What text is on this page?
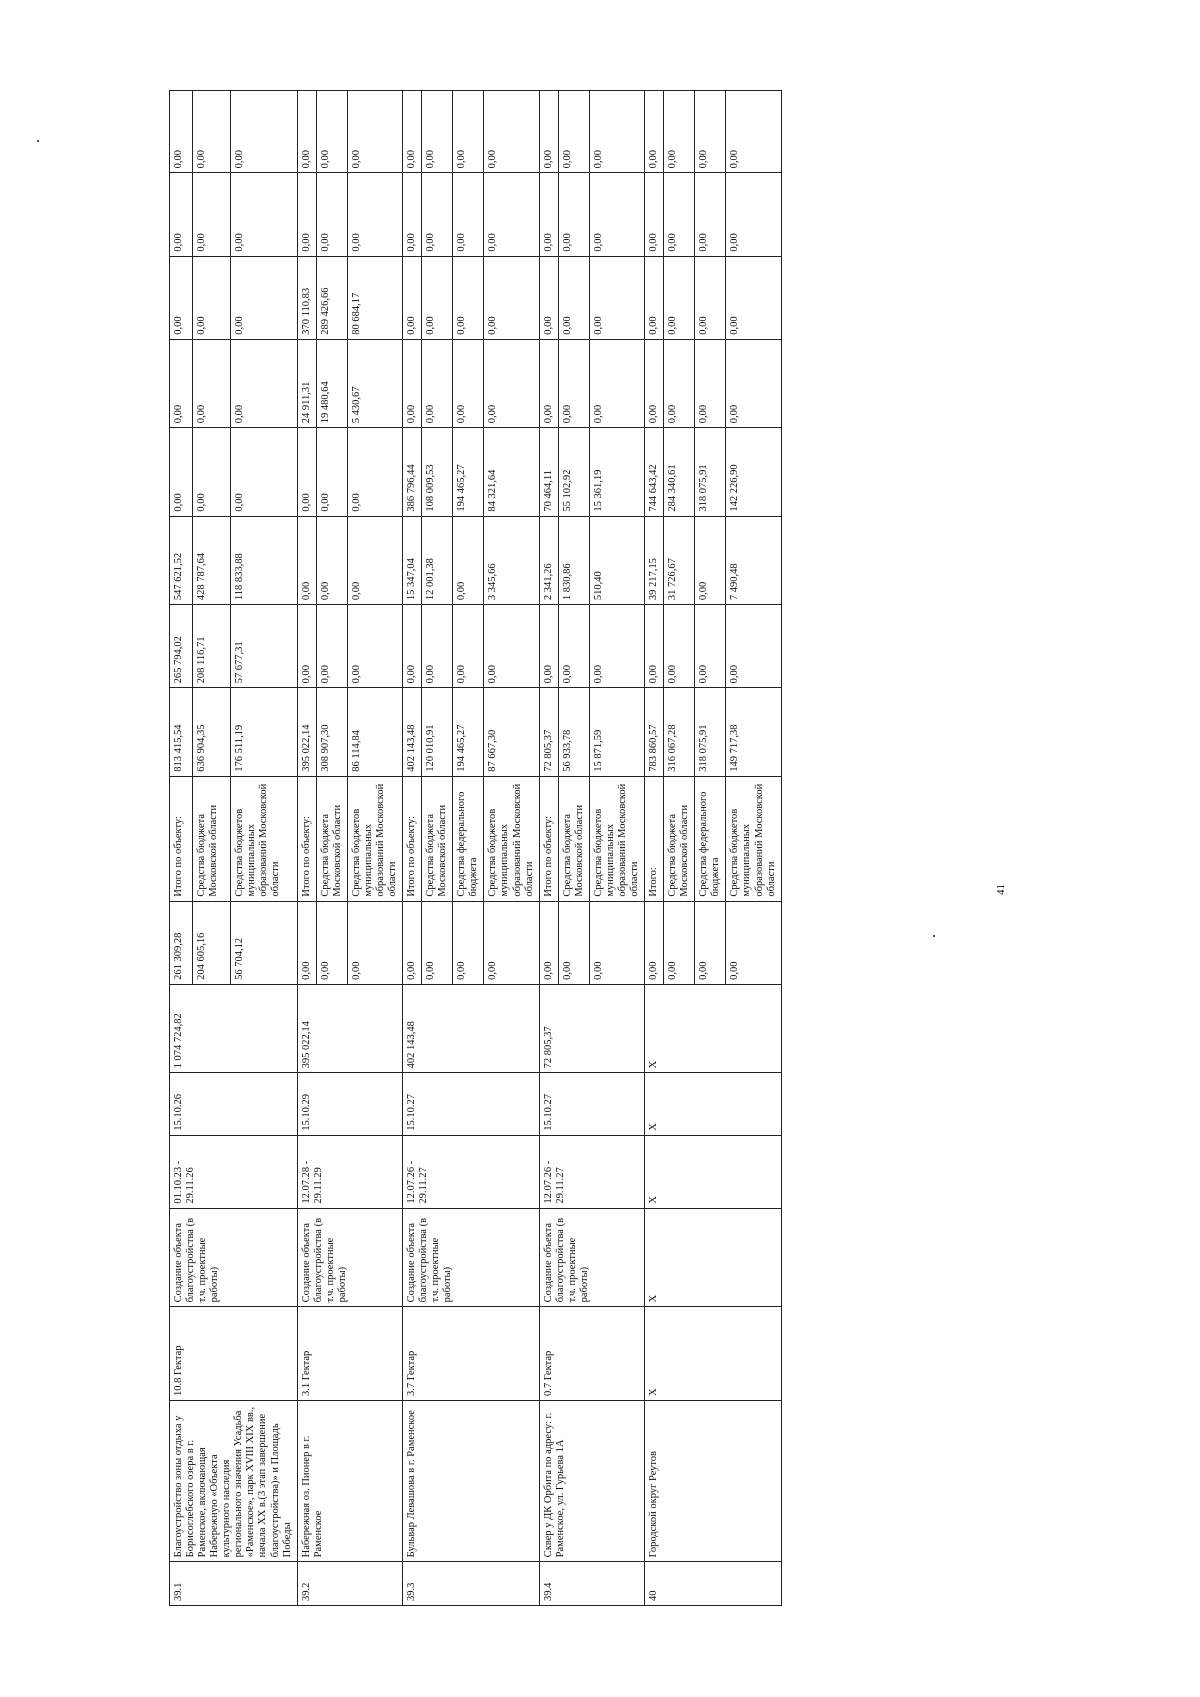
39.1	Благоустройство зоны отдыха у Борисоглебского озера в г. Раменское, включающая Набережную «Объекта культурного наследия регионального значения Усадьба «Раменское», парк XVIII XIX вв., начала XX в.(3 этап завершение благоустройства)» и Площадь Победы	10.8 Гектар	Создание объекта благоустройства (в т.ч. проектные работы)	01.10.23 - 29.11.26	15.10.26	1 074 724,82	261 309,28	Итого по объекту:	813 415,54	265 794,02	547 621,52	0,00	0,00	0,00	0,00	0,00
							204 605,16	Средства бюджета Московской области	636 904,35	208 116,71	428 787,64	0,00	0,00	0,00	0,00	0,00
							56 704,12	Средства бюджетов муниципальных образований Московской области	176 511,19	57 677,31	118 833,88	0,00	0,00	0,00	0,00	0,00
39.2	Набережная оз. Пионер в г. Раменское	3.1 Гектар	Создание объекта благоустройства (в т.ч. проектные работы)	12.07.28 - 29.11.29	15.10.29	395 022,14	0,00	Итого по объекту:	395 022,14	0,00	0,00	0,00	24 911,31	370 110,83	0,00	0,00
							0,00	Средства бюджета Московской области	308 907,30	0,00	0,00	0,00	19 480,64	289 426,66	0,00	0,00
							0,00	Средства бюджетов муниципальных образований Московской области	86 114,84	0,00	0,00	0,00	5 430,67	80 684,17	0,00	0,00
39.3	Бульвар Левашова в г. Раменское	3.7 Гектар	Создание объекта благоустройства (в т.ч. проектные работы)	12.07.26 - 29.11.27	15.10.27	402 143,48	0,00	Итого по объекту:	402 143,48	0,00	15 347,04	386 796,44	0,00	0,00	0,00	0,00
							0,00	Средства бюджета Московской области	120 010,91	0,00	12 001,38	108 009,53	0,00	0,00	0,00	0,00
							0,00	Средства федерального бюджета	194 465,27	0,00	0,00	194 465,27	0,00	0,00	0,00	0,00
							0,00	Средства бюджетов муниципальных образований Московской области	87 667,30	0,00	3 345,66	84 321,64	0,00	0,00	0,00	0,00
39.4	Сквер у ДК Орбита по адресу: г. Раменское, ул. Гурьева 1А	0.7 Гектар	Создание объекта благоустройства (в т.ч. проектные работы)	12.07.26 - 29.11.27	15.10.27	72 805,37	0,00	Итого по объекту:	72 805,37	0,00	2 341,26	70 464,11	0,00	0,00	0,00	0,00
							0,00	Средства бюджета Московской области	56 933,78	0,00	1 830,86	55 102,92	0,00	0,00	0,00	0,00
							0,00	Средства бюджетов муниципальных образований Московской области	15 871,59	0,00	510,40	15 361,19	0,00	0,00	0,00	0,00
40	Городской округ Реутов	X	X	X	X	X	0,00	Итого:	783 860,57	0,00	39 217,15	744 643,42	0,00	0,00	0,00	0,00
							0,00	Средства бюджета Московской области	316 067,28	0,00	31 726,67	284 340,61	0,00	0,00	0,00	0,00
							0,00	Средства федерального бюджета	318 075,91	0,00	0,00	318 075,91	0,00	0,00	0,00	0,00
							0,00	Средства бюджетов муниципальных образований Московской области	149 717,38	0,00	7 490,48	142 226,90	0,00	0,00	0,00	0,00
41
